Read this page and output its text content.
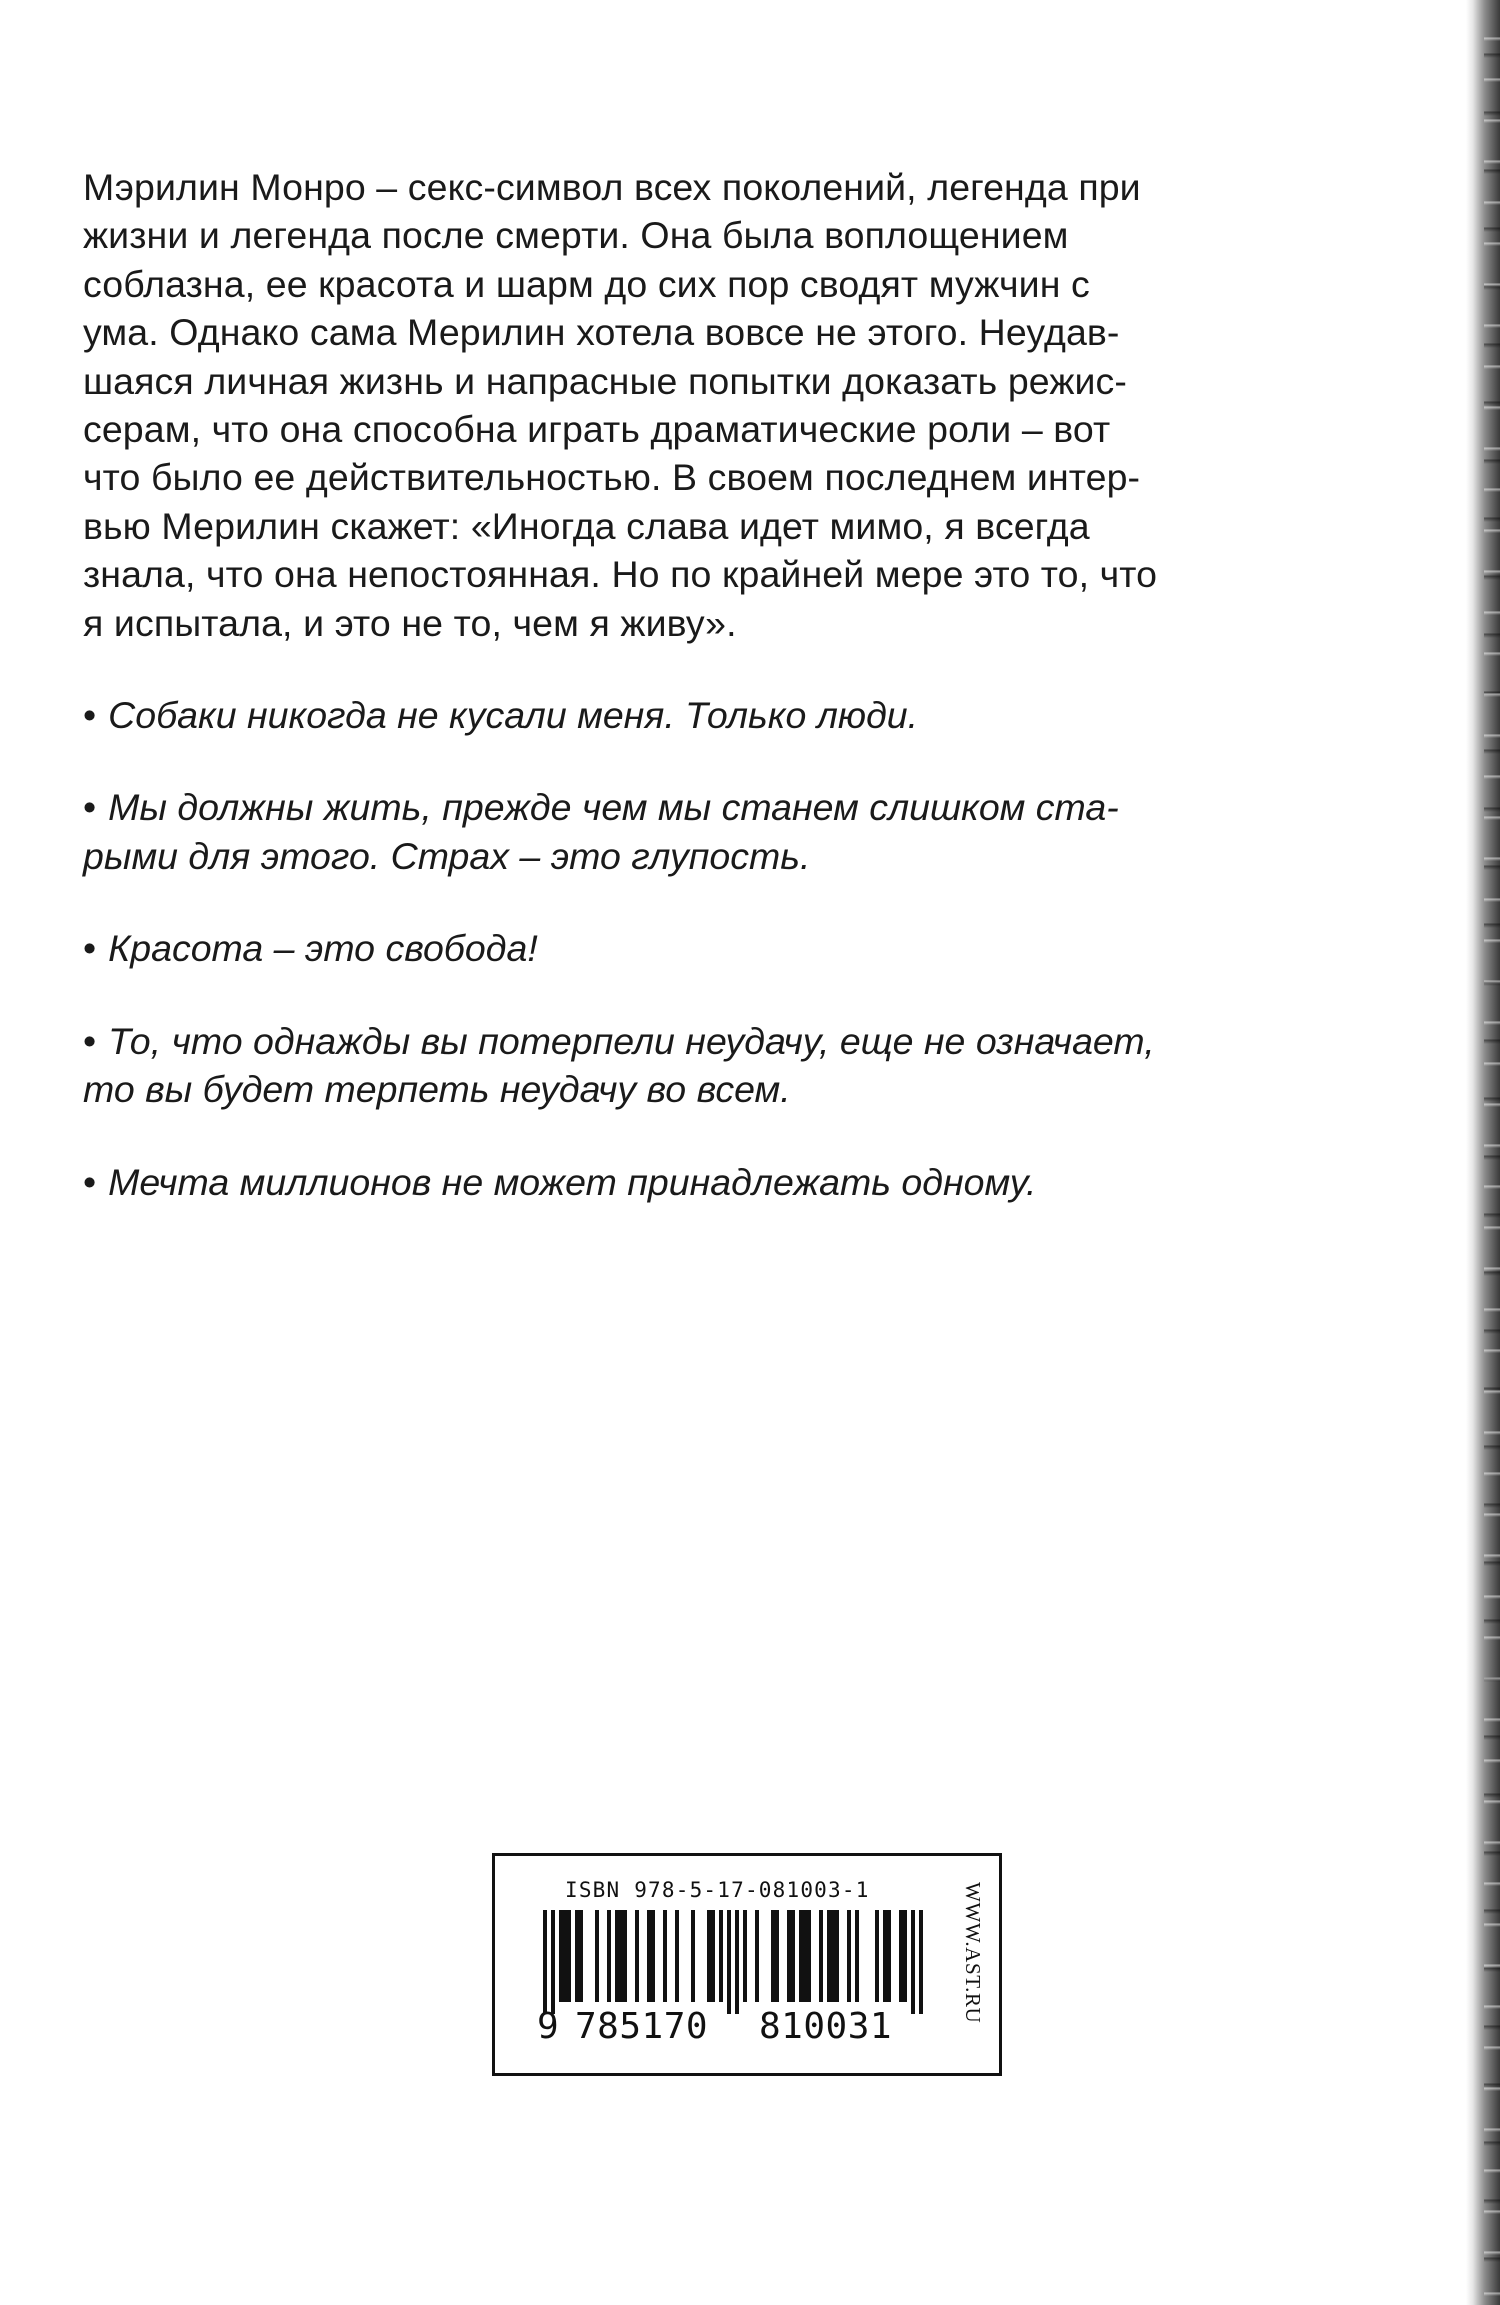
Мэрилин Монро – секс-символ всех поколений, легенда при
жизни и легенда после смерти. Она была воплощением
соблазна, ее красота и шарм до сих пор сводят мужчин с
ума. Однако сама Мерилин хотела вовсе не этого. Неудав-
шаяся личная жизнь и напрасные попытки доказать режис-
серам, что она способна играть драматические роли – вот
что было ее действительностью. В своем последнем интер-
вью Мерилин скажет: «Иногда слава идет мимо, я всегда
знала, что она непостоянная. Но по крайней мере это то, что
я испытала, и это не то, чем я живу».

• Собаки никогда не кусали меня. Только люди.
• Мы должны жить, прежде чем мы станем слишком ста-
рыми для этого. Страх – это глупость.
• Красота – это свобода!
• То, что однажды вы потерпели неудачу, еще не означает,
то вы будет терпеть неудачу во всем.
• Мечта миллионов не может принадлежать одному.
ISBN 978-5-17-081003-1
9 785170 810031
WWW.AST.RU
